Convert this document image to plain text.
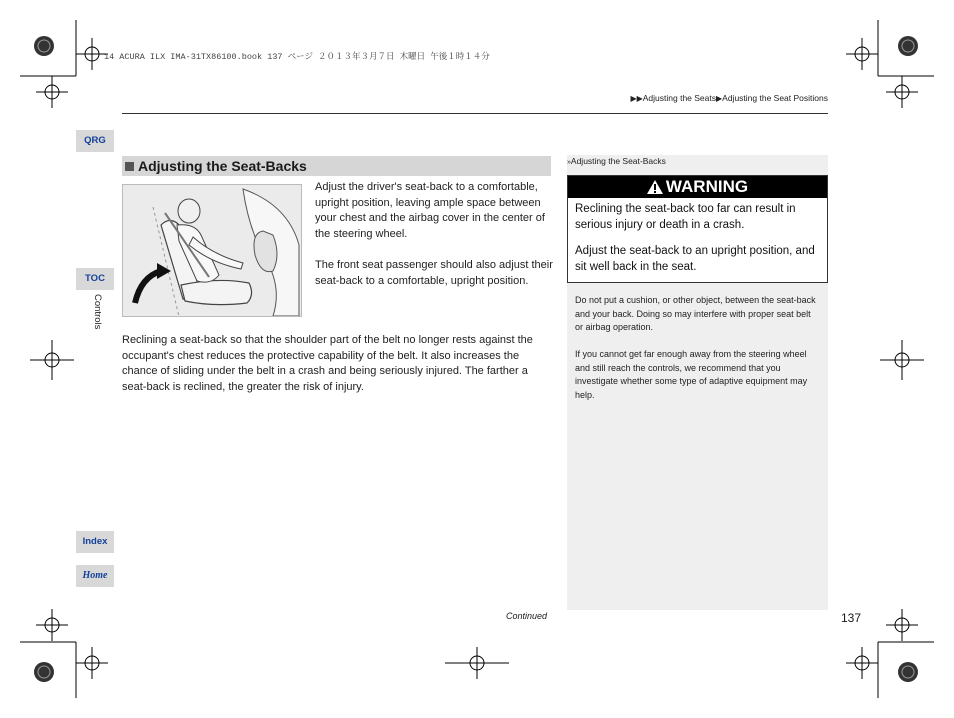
14 ACURA ILX IMA-31TX86100.book 137 ページ ２０１３年３月７日 木曜日 午後１時１４分
▶▶Adjusting the Seats▶Adjusting the Seat Positions
QRG
TOC
Controls
Index
Home
Adjusting the Seat-Backs
Adjust the driver's seat-back to a comfortable, upright position, leaving ample space between your chest and the airbag cover in the center of the steering wheel.
The front seat passenger should also adjust their seat-back to a comfortable, upright position.
Reclining a seat-back so that the shoulder part of the belt no longer rests against the occupant's chest reduces the protective capability of the belt. It also increases the chance of sliding under the belt in a crash and being seriously injured. The farther a seat-back is reclined, the greater the risk of injury.
»Adjusting the Seat-Backs
WARNING
Reclining the seat-back too far can result in serious injury or death in a crash.
Adjust the seat-back to an upright position, and sit well back in the seat.
Do not put a cushion, or other object, between the seat-back and your back. Doing so may interfere with proper seat belt or airbag operation.
If you cannot get far enough away from the steering wheel and still reach the controls, we recommend that you investigate whether some type of adaptive equipment may help.
Continued	137
